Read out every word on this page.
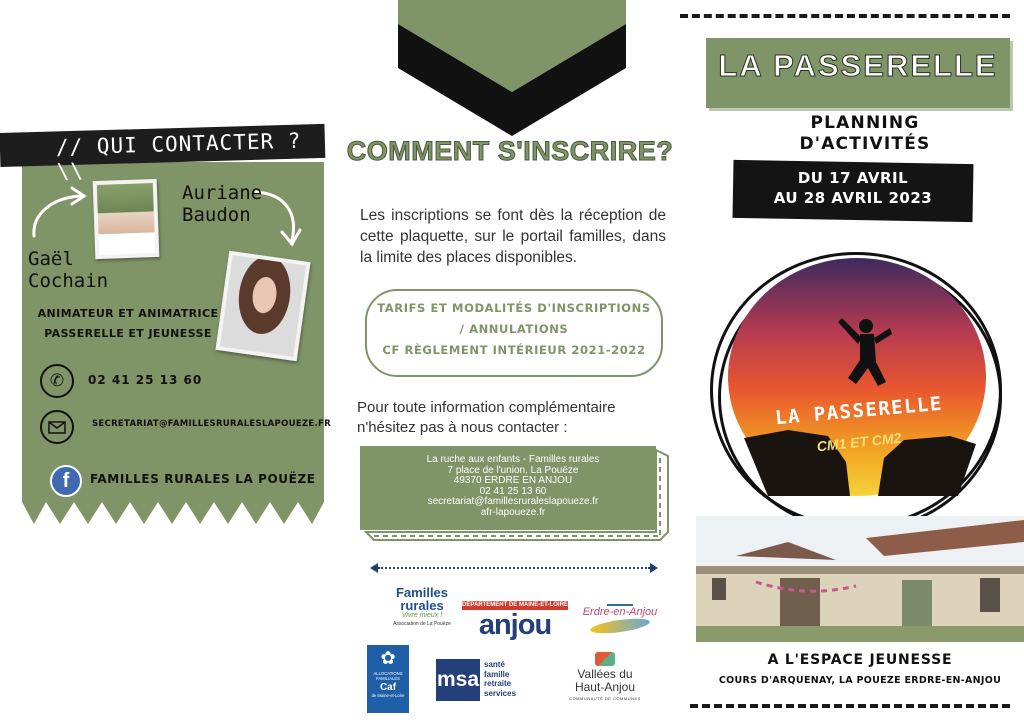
// QUI CONTACTER ? \\
Gaël
Cochain
Auriane
Baudon
ANIMATEUR ET ANIMATRICE
PASSERELLE ET JEUNESSE
✆	02 41 25 13 60
SECRETARIAT@FAMILLESRURALESLAPOUEZE.FR
f	FAMILLES RURALES LA POUËZE
COMMENT S'INSCRIRE?
Les inscriptions se font dès la réception de cette plaquette, sur le portail familles, dans la limite des places disponibles.
TARIFS ET MODALITÉS D'INSCRIPTIONS
/ ANNULATIONS
CF RÈGLEMENT INTÉRIEUR 2021-2022
Pour toute information complémentaire
n'hésitez pas à nous contacter :
La ruche aux enfants - Familles rurales
7 place de l'union, La Pouëze
49370 ERDRE EN ANJOU
02 41 25 13 60
secretariat@famillesruraleslapoueze.fr
afr-lapoueze.fr
Familles
rurales
Vivre mieux !
Association de La Pouëze
DÉPARTEMENT DE MAINE-ET-LOIRE
anjou	Erdre-en-Anjou
✿
ALLOCATIONS FAMILIALES
Caf
de Maine-et-Loire
msa
santé
famille
retraite
services
Vallées du
Haut-Anjou
COMMUNAUTÉ DE COMMUNES
LA PASSERELLE
PLANNING
D'ACTIVITÉS
DU 17 AVRIL
AU 28 AVRIL 2023
LA PASSERELLE
CM1 ET CM2
A L'ESPACE JEUNESSE
COURS D'ARQUENAY, LA POUEZE ERDRE-EN-ANJOU
